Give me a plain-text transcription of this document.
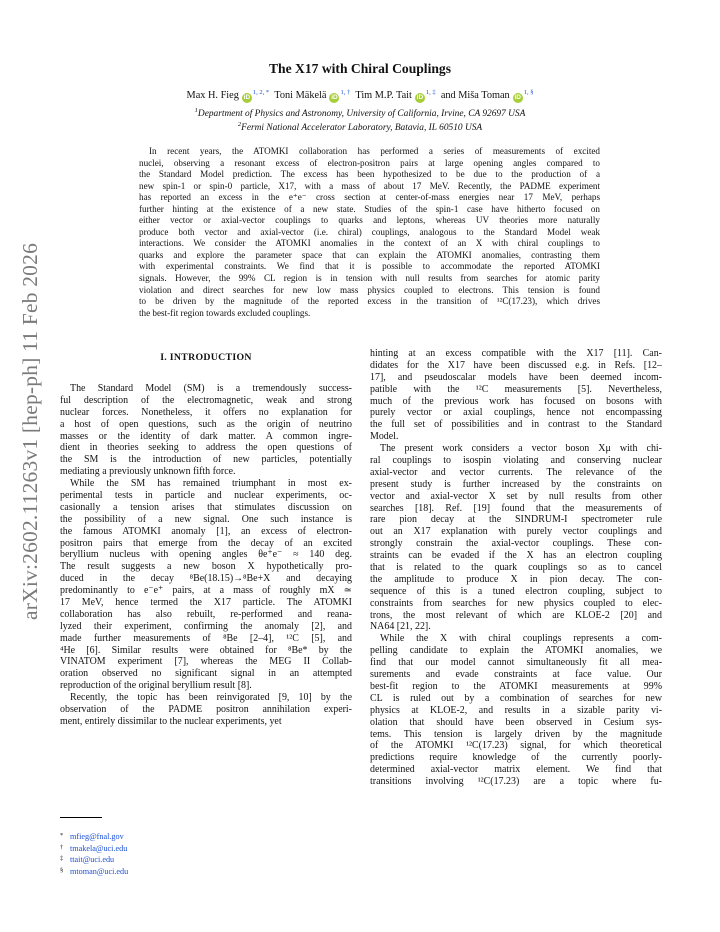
arXiv:2602.11263v1 [hep-ph] 11 Feb 2026
The X17 with Chiral Couplings
Max H. Fieg $iD^{1, 2, *}$ Toni Mäkelä $iD^{1, \dagger}$ Tim M.P. Tait $iD^{1, \ddagger}$ and Miša Toman $iD^{1, \S}$
$^1$Department of Physics and Astronomy, University of California, Irvine, CA 92697 USA
$^2$Fermi National Accelerator Laboratory, Batavia, IL 60510 USA
In recent years, the ATOMKI collaboration has performed a series of measurements of excited
nuclei, observing a resonant excess of electron-positron pairs at large opening angles compared to
the Standard Model prediction. The excess has been hypothesized to be due to the production of a
new spin-1 or spin-0 particle, X17, with a mass of about 17 MeV. Recently, the PADME experiment
has reported an excess in the e⁺e⁻ cross section at center-of-mass energies near 17 MeV, perhaps
further hinting at the existence of a new state. Studies of the spin-1 case have hitherto focused on
either vector or axial-vector couplings to quarks and leptons, whereas UV theories more naturally
produce both vector and axial-vector (i.e. chiral) couplings, analogous to the Standard Model weak
interactions. We consider the ATOMKI anomalies in the context of an X with chiral couplings to
quarks and explore the parameter space that can explain the ATOMKI anomalies, contrasting them
with experimental constraints. We find that it is possible to accommodate the reported ATOMKI
signals. However, the 99% CL region is in tension with null results from searches for atomic parity
violation and direct searches for new low mass physics coupled to electrons. This tension is found
to be driven by the magnitude of the reported excess in the transition of ¹²C(17.23), which drives
the best-fit region towards excluded couplings.
I. INTRODUCTION
The Standard Model (SM) is a tremendously success-
ful description of the electromagnetic, weak and strong
nuclear forces. Nonetheless, it offers no explanation for
a host of open questions, such as the origin of neutrino
masses or the identity of dark matter. A common ingre-
dient in theories seeking to address the open questions of
the SM is the introduction of new particles, potentially
mediating a previously unknown fifth force.
While the SM has remained triumphant in most ex-
perimental tests in particle and nuclear experiments, oc-
casionally a tension arises that stimulates discussion on
the possibility of a new signal. One such instance is
the famous ATOMKI anomaly [1], an excess of electron-
positron pairs that emerge from the decay of an excited
beryllium nucleus with opening angles θe⁺e⁻ ≈ 140 deg.
The result suggests a new boson X hypothetically pro-
duced in the decay ⁸Be(18.15)→⁸Be+X and decaying
predominantly to e⁻e⁺ pairs, at a mass of roughly mX ≃
17 MeV, hence termed the X17 particle. The ATOMKI
collaboration has also rebuilt, re-performed and reana-
lyzed their experiment, confirming the anomaly [2], and
made further measurements of ⁸Be [2–4], ¹²C [5], and
⁴He [6]. Similar results were obtained for ⁸Be* by the
VINATOM experiment [7], whereas the MEG II Collab-
oration observed no significant signal in an attempted
reproduction of the original beryllium result [8].
Recently, the topic has been reinvigorated [9, 10] by the
observation of the PADME positron annihilation experi-
ment, entirely dissimilar to the nuclear experiments, yet
hinting at an excess compatible with the X17 [11]. Can-
didates for the X17 have been discussed e.g. in Refs. [12–
17], and pseudoscalar models have been deemed incom-
patible with the ¹²C measurements [5]. Nevertheless,
much of the previous work has focused on bosons with
purely vector or axial couplings, hence not encompassing
the full set of possibilities and in contrast to the Standard
Model.
The present work considers a vector boson Xμ with chi-
ral couplings to isospin violating and conserving nuclear
axial-vector and vector currents. The relevance of the
present study is further increased by the constraints on
vector and axial-vector X set by null results from other
searches [18]. Ref. [19] found that the measurements of
rare pion decay at the SINDRUM-I spectrometer rule
out an X17 explanation with purely vector couplings and
strongly constrain the axial-vector couplings. These con-
straints can be evaded if the X has an electron coupling
that is related to the quark couplings so as to cancel
the amplitude to produce X in pion decay. The con-
sequence of this is a tuned electron coupling, subject to
constraints from searches for new physics coupled to elec-
trons, the most relevant of which are KLOE-2 [20] and
NA64 [21, 22].
While the X with chiral couplings represents a com-
pelling candidate to explain the ATOMKI anomalies, we
find that our model cannot simultaneously fit all mea-
surements and evade constraints at face value. Our
best-fit region to the ATOMKI measurements at 99%
CL is ruled out by a combination of searches for new
physics at KLOE-2, and results in a sizable parity vi-
olation that should have been observed in Cesium sys-
tems. This tension is largely driven by the magnitude
of the ATOMKI ¹²C(17.23) signal, for which theoretical
predictions require knowledge of the currently poorly-
determined axial-vector matrix element. We find that
transitions involving ¹²C(17.23) are a topic where fu-
* mfieg@fnal.gov
† tmakela@uci.edu
‡ ttait@uci.edu
§ mtoman@uci.edu
